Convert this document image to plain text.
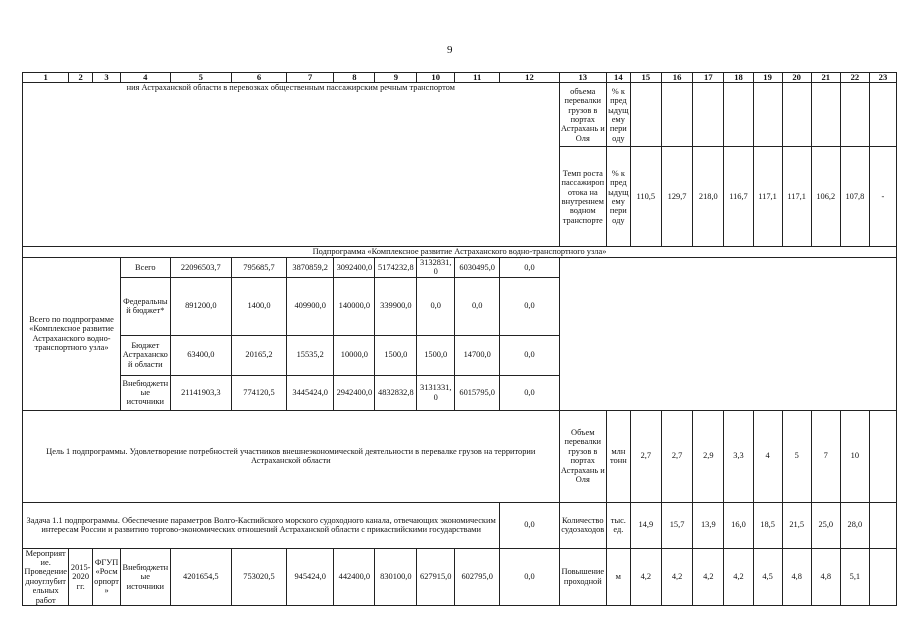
9
1	2	3	4	5	6	7	8	9	10	11	12	13	14	15	16	17	18	19	20	21	22	23
ния Астраханской области в перевозках общественным пассажирским речным транспортом												объема перевалки грузов в портах Астрахань и Оля	% к предыдущему периоду									
												Темп роста пассажиропотока на внутреннем водном транспорте	% к предыдущему периоду	110,5	129,7	218,0	116,7	117,1	117,1	106,2	107,8	-
Подпрограмма «Комплексное развитие Астраханского водно-транспортного узла»																						
Всего по подпрограмме «Комплексное развитие Астраханского водно-транспортного узла»			Всего	22096503,7	795685,7	3870859,2	3092400,0	5174232,8	3132831,0	6030495,0	0,0											
			Федеральный бюджет*	891200,0	1400,0	409900,0	140000,0	339900,0	0,0	0,0	0,0											
			Бюджет Астраханской области	63400,0	20165,2	15535,2	10000,0	1500,0	1500,0	14700,0	0,0											
			Внебюджетные источники	21141903,3	774120,5	3445424,0	2942400,0	4832832,8	3131331,0	6015795,0	0,0											
Цель 1 подпрограммы. Удовлетворение потребностей участников внешнеэкономической деятельности в перевалке грузов на территории Астраханской области												Объем перевалки грузов в портах Астрахань и Оля	млн тонн	2,7	2,7	2,9	3,3	4	5	7	10	
Задача 1.1 подпрограммы. Обеспечение параметров Волго-Каспийского морского судоходного канала, отвечающих экономическим интересам России и развитию торгово-экономических отношений Астраханской области с прикаспийскими государствами											0,0	Количество судозаходов	тыс. ед.	14,9	15,7	13,9	16,0	18,5	21,5	25,0	28,0	
Мероприятие. Проведение дноуглубительных работ	2015-2020 гг.	ФГУП «Росморпорт»	Внебюджетные источники	4201654,5	753020,5	945424,0	442400,0	830100,0	627915,0	602795,0	0,0	Повышение проходной	м	4,2	4,2	4,2	4,2	4,5	4,8	4,8	5,1	
